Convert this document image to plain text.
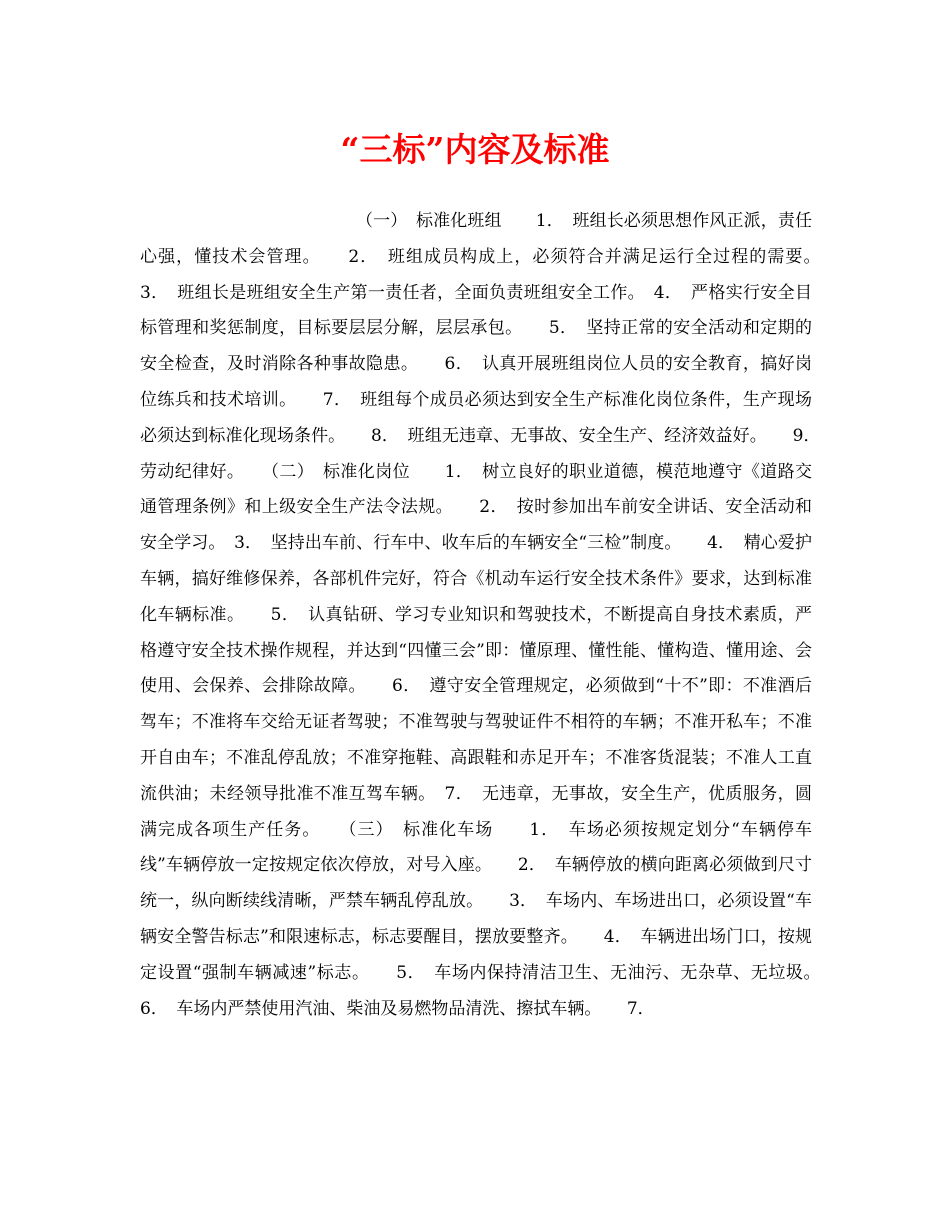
“三标”内容及标准

（一）　标准化班组　　1．　班组长必须思想作风正派，责任心强，懂技术会管理。　　2．　班组成员构成上，必须符合并满足运行全过程的需要。　　3．　班组长是班组安全生产第一责任者，全面负责班组安全工作。　4．　严格实行安全目标管理和奖惩制度，目标要层层分解，层层承包。　　5．　坚持正常的安全活动和定期的安全检查，及时消除各种事故隐患。　　6．　认真开展班组岗位人员的安全教育，搞好岗位练兵和技术培训。　　7．　班组每个成员必须达到安全生产标准化岗位条件，生产现场必须达到标准化现场条件。　　8．　班组无违章、无事故、安全生产、经济效益好。　　9．　劳动纪律好。　　（二）　标准化岗位　　1．　树立良好的职业道德，模范地遵守《道路交通管理条例》和上级安全生产法令法规。　　2．　按时参加出车前安全讲话、安全活动和安全学习。　3．　坚持出车前、行车中、收车后的车辆安全“三检”制度。　　4．　精心爱护车辆，搞好维修保养，各部机件完好，符合《机动车运行安全技术条件》要求，达到标准化车辆标准。　　5．　认真钻研、学习专业知识和驾驶技术，不断提高自身技术素质，严格遵守安全技术操作规程，并达到“四懂三会”即：懂原理、懂性能、懂构造、懂用途、会使用、会保养、会排除故障。　　6．　遵守安全管理规定，必须做到“十不”即：不准酒后驾车；不准将车交给无证者驾驶；不准驾驶与驾驶证件不相符的车辆；不准开私车；不准开自由车；不准乱停乱放；不准穿拖鞋、高跟鞋和赤足开车；不准客货混装；不准人工直流供油；未经领导批准不准互驾车辆。　7．　无违章，无事故，安全生产，优质服务，圆满完成各项生产任务。　　（三）　标准化车场　　1．　车场必须按规定划分“车辆停车线”车辆停放一定按规定依次停放，对号入座。　　2．　车辆停放的横向距离必须做到尺寸统一，纵向断续线清晰，严禁车辆乱停乱放。　　3．　车场内、车场进出口，必须设置“车辆安全警告标志”和限速标志，标志要醒目，摆放要整齐。　　4．　车辆进出场门口，按规定设置“强制车辆减速”标志。　　5．　车场内保持清洁卫生、无油污、无杂草、无垃圾。　　6．　车场内严禁使用汽油、柴油及易燃物品清洗、擦拭车辆。　　7．
